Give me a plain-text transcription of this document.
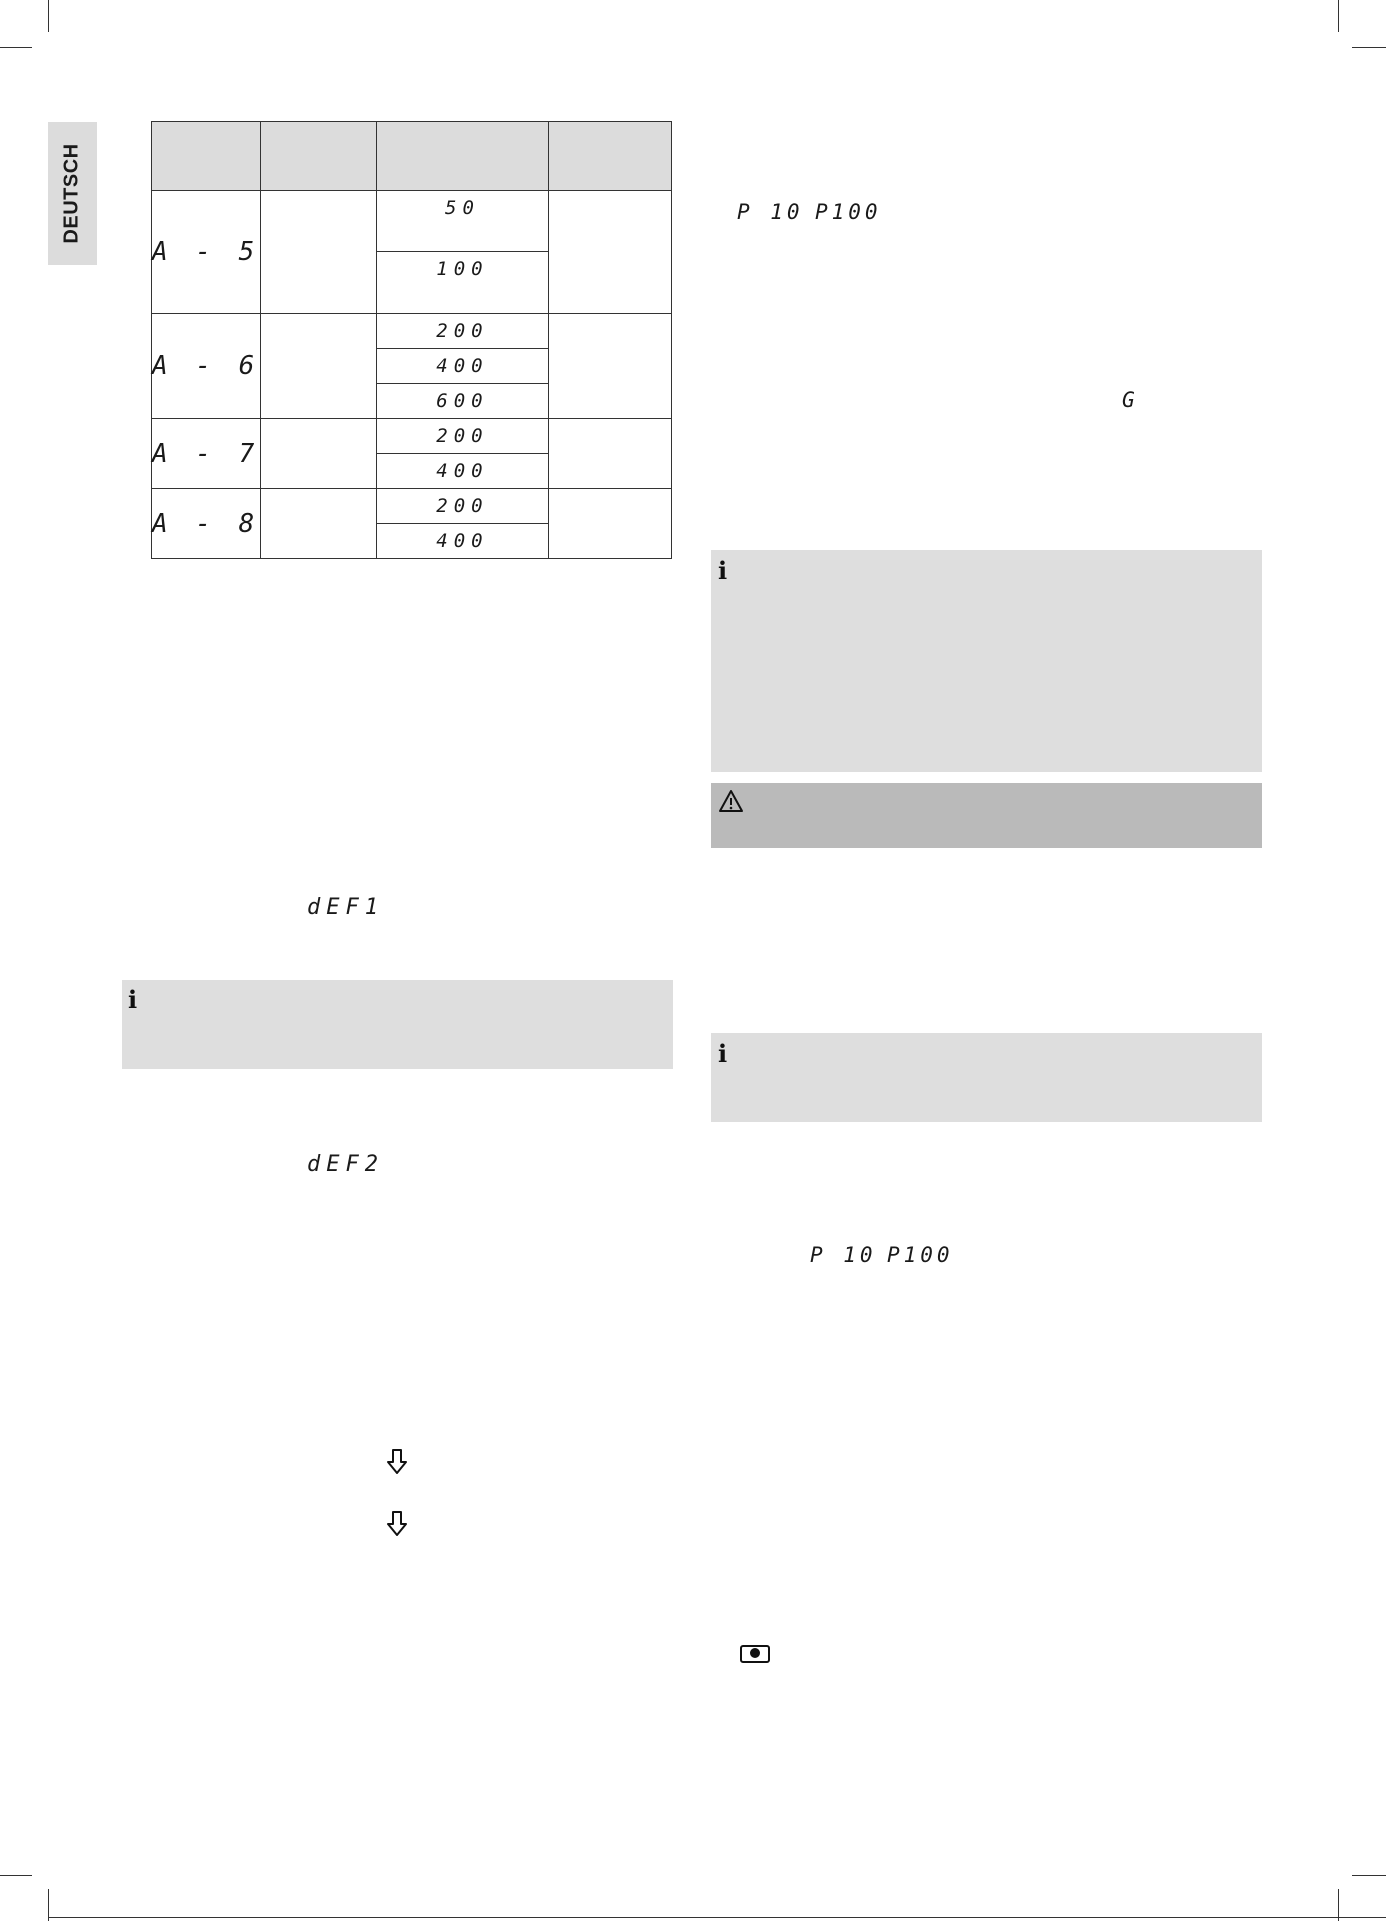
DEUTSCH

A - 5		50	
		100	
A - 6		200	
		400	
		600	
A - 7		200	
		400	
A - 8		200	
		400	
dEF1
i
dEF2
P 10 P100
G
i
i
P 10 P100
